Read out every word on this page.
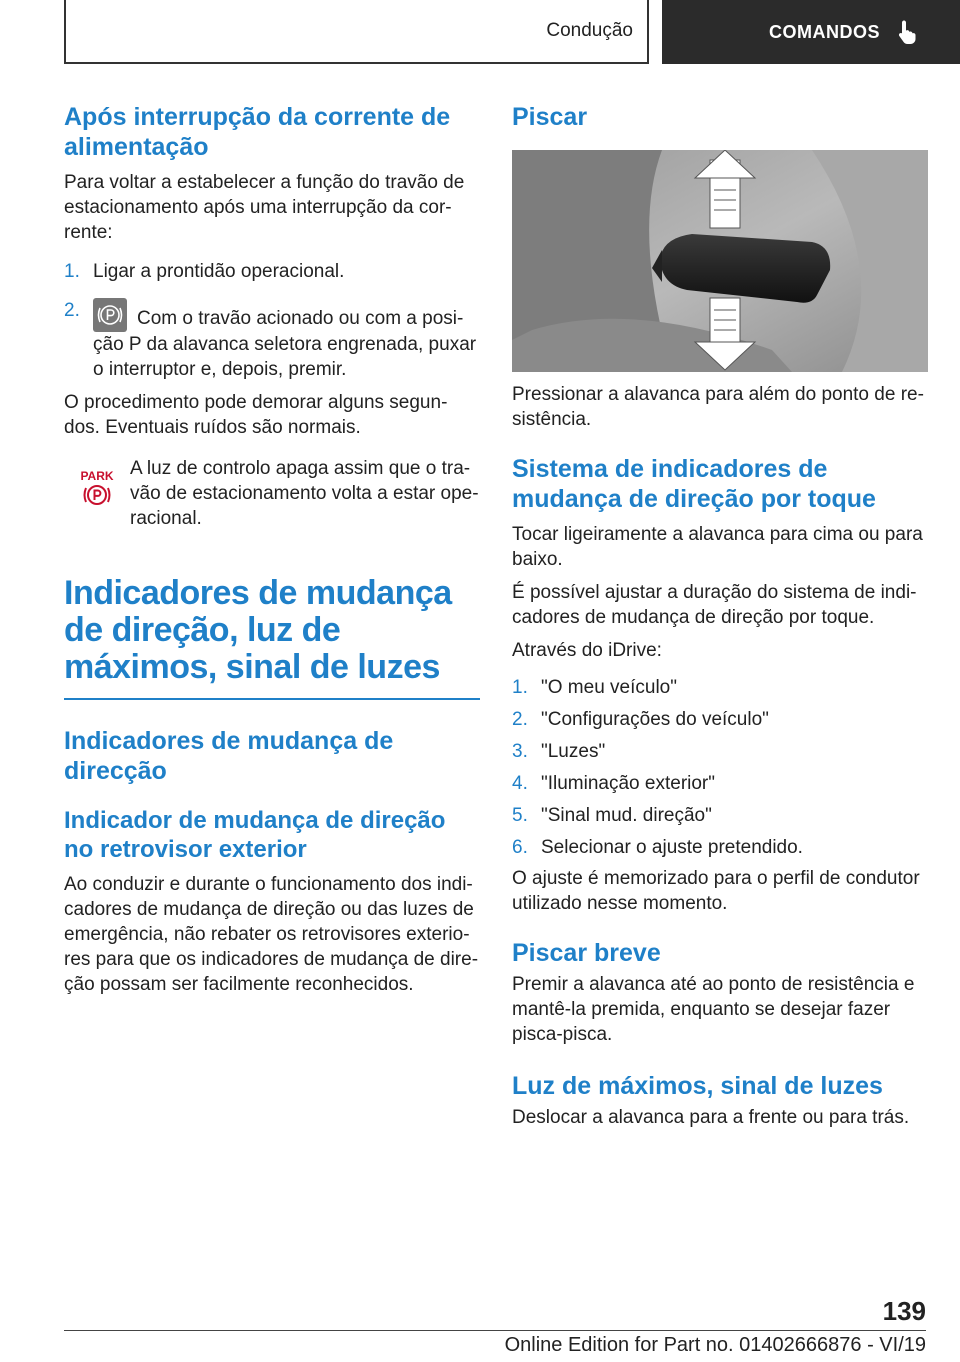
Condução	COMANDOS
Após interrupção da corrente de alimentação

Para voltar a estabelecer a função do travão de estacionamento após uma interrupção da cor-rente:

1. Ligar a prontidão operacional.
2.	Com o travão acionado ou com a posi-ção P da alavanca seletora engrenada, puxar o interruptor e, depois, premir.

O procedimento pode demorar alguns segun-dos. Eventuais ruídos são normais.

PARK A luz de controlo apaga assim que o tra-vão de estacionamento volta a estar ope-racional.

Indicadores de mudança de direção, luz de máximos, sinal de luzes
Indicadores de mudança de direcção
Indicador de mudança de direção no retrovisor exterior

Ao conduzir e durante o funcionamento dos indi-cadores de mudança de direção ou das luzes de emergência, não rebater os retrovisores exterio-res para que os indicadores de mudança de dire-ção possam ser facilmente reconhecidos.

Piscar

Pressionar a alavanca para além do ponto de re-sistência.

Sistema de indicadores de mudança de direção por toque

Tocar ligeiramente a alavanca para cima ou para baixo.

É possível ajustar a duração do sistema de indi-cadores de mudança de direção por toque.

Através do iDrive:

1. "O meu veículo"
2. "Configurações do veículo"
3. "Luzes"
4. "Iluminação exterior"
5. "Sinal mud. direção"
6. Selecionar o ajuste pretendido.

O ajuste é memorizado para o perfil de condutor utilizado nesse momento.

Piscar breve

Premir a alavanca até ao ponto de resistência e mantê-la premida, enquanto se desejar fazer pisca-pisca.

Luz de máximos, sinal de luzes

Deslocar a alavanca para a frente ou para trás.

139
Online Edition for Part no. 01402666876 - VI/19
